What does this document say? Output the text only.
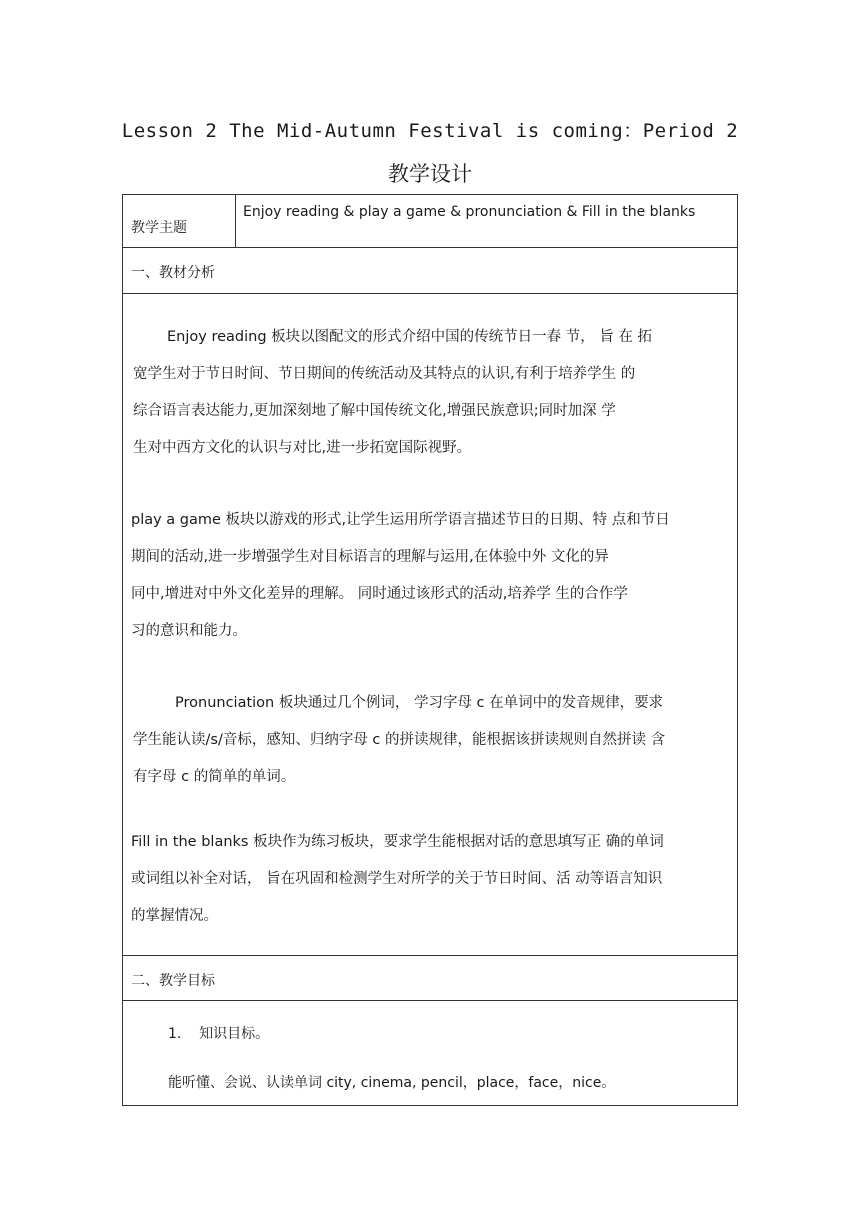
Lesson 2 The Mid-Autumn Festival is coming：Period 2
教学设计
教学主题
Enjoy reading & play a game & pronunciation & Fill in the blanks
一、教材分析
Enjoy reading 板块以图配文的形式介绍中国的传统节日一春 节， 旨 在 拓
宽学生对于节日时间、节日期间的传统活动及其特点的认识,有利于培养学生 的
综合语言表达能力,更加深刻地了解中国传统文化,增强民族意识;同时加深 学
生对中西方文化的认识与对比,进一步拓宽国际视野。
play a game 板块以游戏的形式,让学生运用所学语言描述节日的日期、特 点和节日
期间的活动,进一步增强学生对目标语言的理解与运用,在体验中外 文化的异
同中,增进对中外文化差异的理解。 同时通过该形式的活动,培养学 生的合作学
习的意识和能力。
Pronunciation 板块通过几个例词， 学习字母 c 在单词中的发音规律，要求
学生能认读/s/音标，感知、归纳字母 c 的拼读规律，能根据该拼读规则自然拼读 含
有字母 c 的简单的单词。
Fill in the blanks 板块作为练习板块，要求学生能根据对话的意思填写正 确的单词
或词组以补全对话， 旨在巩固和检测学生对所学的关于节日时间、活 动等语言知识
的掌握情况。
二、教学目标
1.    知识目标。
能听懂、会说、认读单词 city, cinema, pencil，place，face，nice。
